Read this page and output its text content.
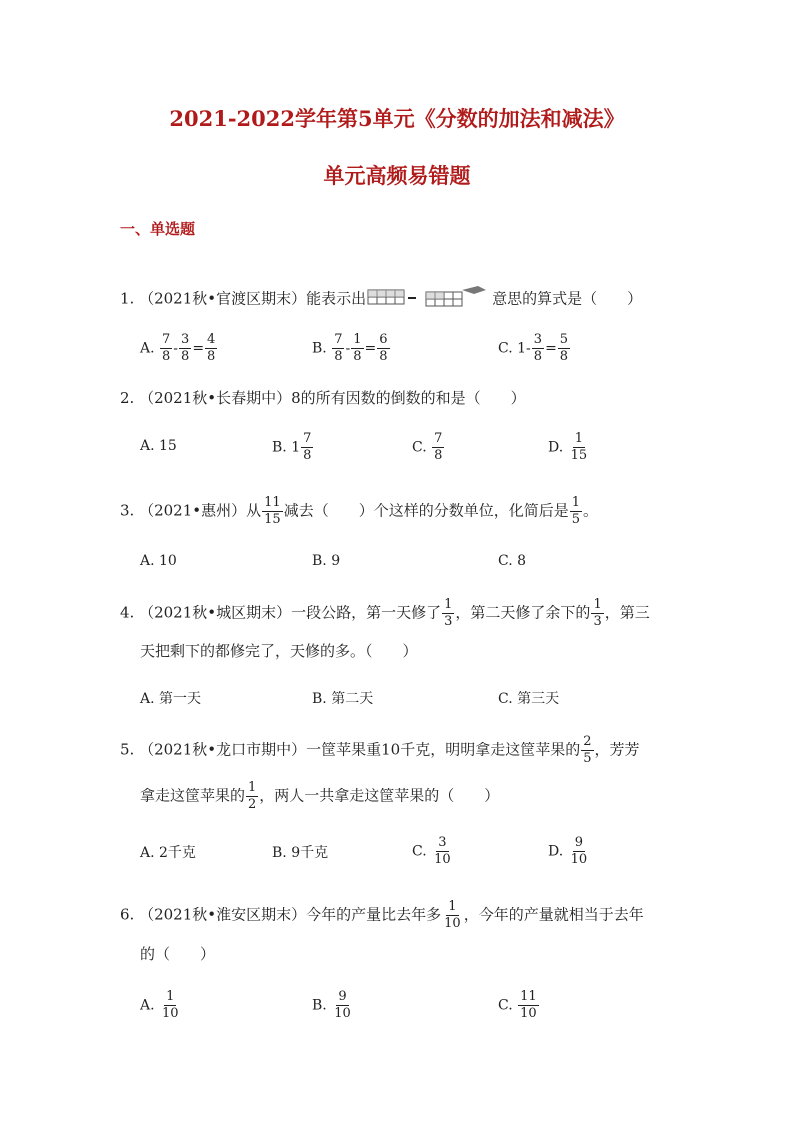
2021-2022学年第5单元《分数的加法和减法》
单元高频易错题
一、单选题
1. （2021秋•官渡区期末）能表示出	意思的算式是（　　）
A. $\frac{7}{8} - \frac{3}{8} = \frac{4}{8}$	B. $\frac{7}{8} - \frac{1}{8} = \frac{6}{8}$	C. $1- \frac{3}{8} = \frac{5}{8}$
2. （2021秋•长春期中）8的所有因数的倒数的和是（　　）
A. 15	B. $1 \frac{7}{8}$	C. $\frac{7}{8}$	D. $\frac{1}{15}$
3. （2021•惠州）从 $\frac{11}{15}$ 减去（　　）个这样的分数单位，化简后是 $\frac{1}{5}$ 。
A. 10	B. 9	C. 8
4. （2021秋•城区期末）一段公路，第一天修了 $\frac{1}{3}$ ，第二天修了余下的 $\frac{1}{3}$ ，第三
天把剩下的都修完了，天修的多。（　　）
A. 第一天	B. 第二天	C. 第三天
5. （2021秋•龙口市期中）一筐苹果重10千克，明明拿走这筐苹果的 $\frac{2}{5}$ ，芳芳
拿走这筐苹果的 $\frac{1}{2}$ ，两人一共拿走这筐苹果的（　　）
A. 2千克	B. 9千克	C. $\frac{3}{10}$	D. $\frac{9}{10}$
6. （2021秋•淮安区期末）今年的产量比去年多 $\frac{1}{10}$ ，今年的产量就相当于去年
的（　　）
A. $\frac{1}{10}$	B. $\frac{9}{10}$	C. $\frac{11}{10}$
